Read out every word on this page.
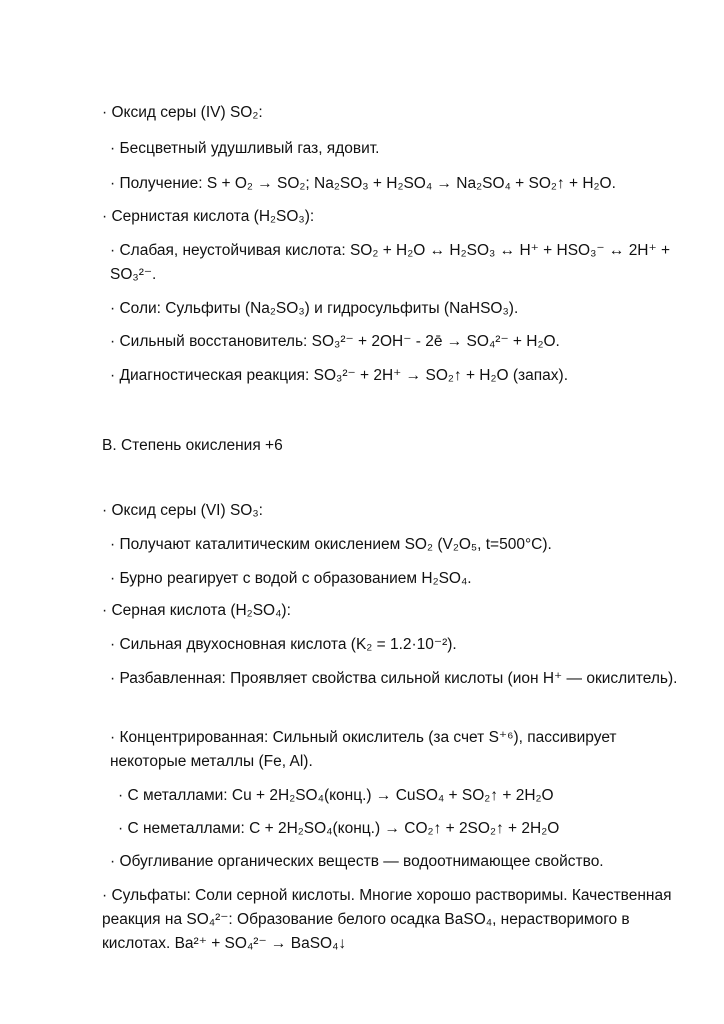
· Оксид серы (IV) SO₂:
· Бесцветный удушливый газ, ядовит.
· Получение: S + O₂ → SO₂; Na₂SO₃ + H₂SO₄ → Na₂SO₄ + SO₂↑ + H₂O.
· Сернистая кислота (H₂SO₃):
· Слабая, неустойчивая кислота: SO₂ + H₂O ↔ H₂SO₃ ↔ H⁺ + HSO₃⁻ ↔ 2H⁺ + SO₃²⁻.
· Соли: Сульфиты (Na₂SO₃) и гидросульфиты (NaHSO₃).
· Сильный восстановитель: SO₃²⁻ + 2OH⁻ - 2ē → SO₄²⁻ + H₂O.
· Диагностическая реакция: SO₃²⁻ + 2H⁺ → SO₂↑ + H₂O (запах).
B. Степень окисления +6
· Оксид серы (VI) SO₃:
· Получают каталитическим окислением SO₂ (V₂O₅, t=500°C).
· Бурно реагирует с водой с образованием H₂SO₄.
· Серная кислота (H₂SO₄):
· Сильная двухосновная кислота (K₂ = 1.2·10⁻²).
· Разбавленная: Проявляет свойства сильной кислоты (ион H⁺ — окислитель).
· Концентрированная: Сильный окислитель (за счет S⁺⁶), пассивирует некоторые металлы (Fe, Al).
· С металлами: Cu + 2H₂SO₄(конц.) → CuSO₄ + SO₂↑ + 2H₂O
· С неметаллами: C + 2H₂SO₄(конц.) → CO₂↑ + 2SO₂↑ + 2H₂O
· Обугливание органических веществ — водоотнимающее свойство.
· Сульфаты: Соли серной кислоты. Многие хорошо растворимы. Качественная реакция на SO₄²⁻: Образование белого осадка BaSO₄, нерастворимого в кислотах. Ba²⁺ + SO₄²⁻ → BaSO₄↓
